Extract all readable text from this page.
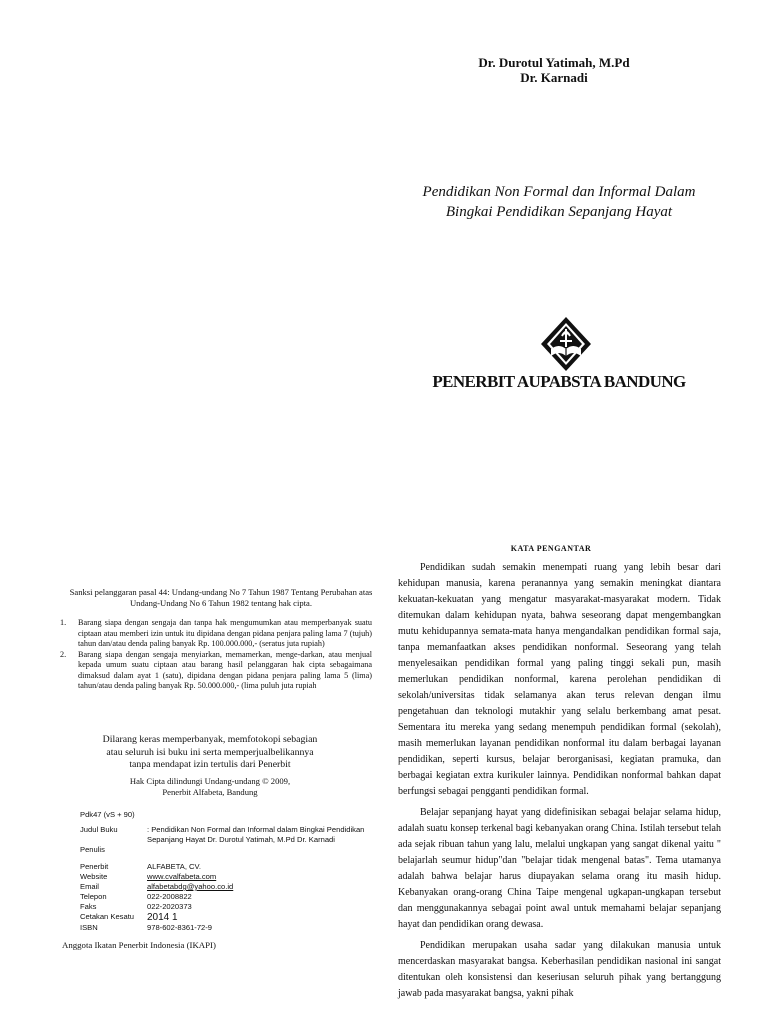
Dr. Durotul Yatimah, M.Pd
Dr. Karnadi
Pendidikan Non Formal dan Informal Dalam
Bingkai Pendidikan Sepanjang Hayat
PENERBIT AUPABSTA BANDUNG
Sanksi pelanggaran pasal 44: Undang-undang No 7 Tahun 1987 Tentang Perubahan atas Undang-Undang No 6 Tahun 1982 tentang hak cipta.
1.	Barang siapa dengan sengaja dan tanpa hak mengumumkan atau memperbanyak suatu ciptaan atau memberi izin untuk itu dipidana dengan pidana penjara paling lama 7 (tujuh) tahun dan/atau denda paling banyak Rp. 100.000.000,- (seratus juta rupiah)
2.	Barang siapa dengan sengaja menyiarkan, memamerkan, menge-darkan, atau menjual kepada umum suatu ciptaan atau barang hasil pelanggaran hak cipta sebagaimana dimaksud dalam ayat 1 (satu), dipidana dengan pidana penjara paling lama 5 (lima) tahun/atau denda paling banyak Rp. 50.000.000,- (lima puluh juta rupiah
Dilarang keras memperbanyak, memfotokopi sebagian
atau seluruh isi buku ini serta memperjualbelikannya
tanpa mendapat izin tertulis dari Penerbit
Hak Cipta dilindungi Undang-undang © 2009,
Penerbit Alfabeta, Bandung
Pdk47 (vS + 90)
Judul Buku	: Pendidikan Non Formal dan Informal dalam Bingkai Pendidikan Sepanjang Hayat Dr. Durotul Yatimah, M.Pd Dr. Karnadi
Penulis
Penerbit	ALFABETA, CV.
Website	www.cvalfabeta.com
Email	alfabetabdg@yahoo.co.id
Telepon	022-2008822
Faks	022-2020373
Cetakan Kesatu	2014 1
ISBN	978-602-8361-72-9
Anggota Ikatan Penerbit Indonesia (IKAPI)
KATA PENGANTAR

Pendidikan sudah semakin menempati ruang yang lebih besar dari kehidupan manusia, karena peranannya yang semakin meningkat diantara kekuatan-kekuatan yang mengatur masyarakat-masyarakat modern. Tidak ditemukan dalam kehidupan nyata, bahwa seseorang dapat mengembangkan mutu kehidupannya semata-mata hanya mengandalkan pendidikan formal saja, tanpa memanfaatkan akses pendidikan nonformal. Seseorang yang telah menyelesaikan pendidikan formal yang paling tinggi sekali pun, masih memerlukan pendidikan nonformal, karena perolehan pendidikan di sekolah/universitas tidak selamanya akan terus relevan dengan ilmu pengetahuan dan teknologi mutakhir yang selalu berkembang amat pesat. Sementara itu mereka yang sedang menempuh pendidikan formal (sekolah), masih memerlukan layanan pendidikan nonformal itu dalam berbagai layanan pendidikan, seperti kursus, belajar berorganisasi, kegiatan pramuka, dan berbagai kegiatan extra kurikuler lainnya. Pendidikan nonformal bahkan dapat berfungsi sebagai pengganti pendidikan formal.

Belajar sepanjang hayat yang didefinisikan sebagai belajar selama hidup, adalah suatu konsep terkenal bagi kebanyakan orang China. Istilah tersebut telah ada sejak ribuan tahun yang lalu, melalui ungkapan yang sangat dikenal yaitu " belajarlah seumur hidup"dan "belajar tidak mengenal batas". Tema utamanya adalah bahwa belajar harus diupayakan selama orang itu masih hidup. Kebanyakan orang-orang China Taipe mengenal ugkapan-ungkapan tersebut dan menggunakannya sebagai point awal untuk memahami belajar sepanjang hayat dan pendidikan orang dewasa.

Pendidikan merupakan usaha sadar yang dilakukan manusia untuk mencerdaskan masyarakat bangsa. Keberhasilan pendidikan nasional ini sangat ditentukan oleh konsistensi dan keseriusan seluruh pihak yang bertanggung jawab pada masyarakat bangsa, yakni pihak
